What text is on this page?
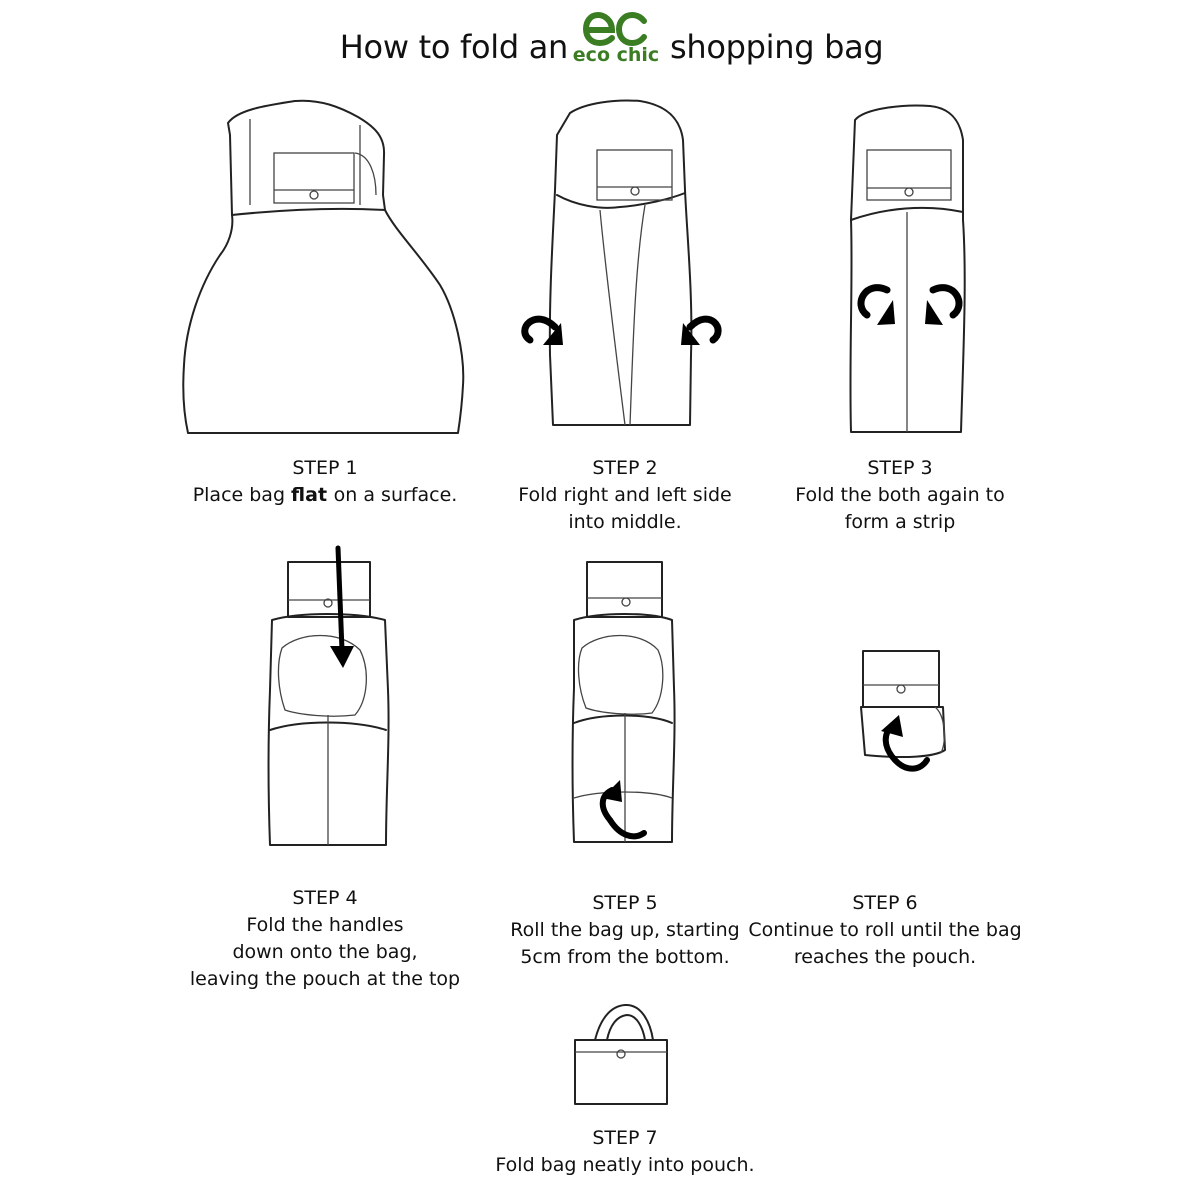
How to fold an eco chic shopping bag
STEP 1
Place bag flat on a surface.
STEP 2
Fold right and left side
into middle.
STEP 3
Fold the both again to
form a strip
STEP 4
Fold the handles
down onto the bag,
leaving the pouch at the top
STEP 5
Roll the bag up, starting
5cm from the bottom.
STEP 6
Continue to roll until the bag
reaches the pouch.
STEP 7
Fold bag neatly into pouch.
